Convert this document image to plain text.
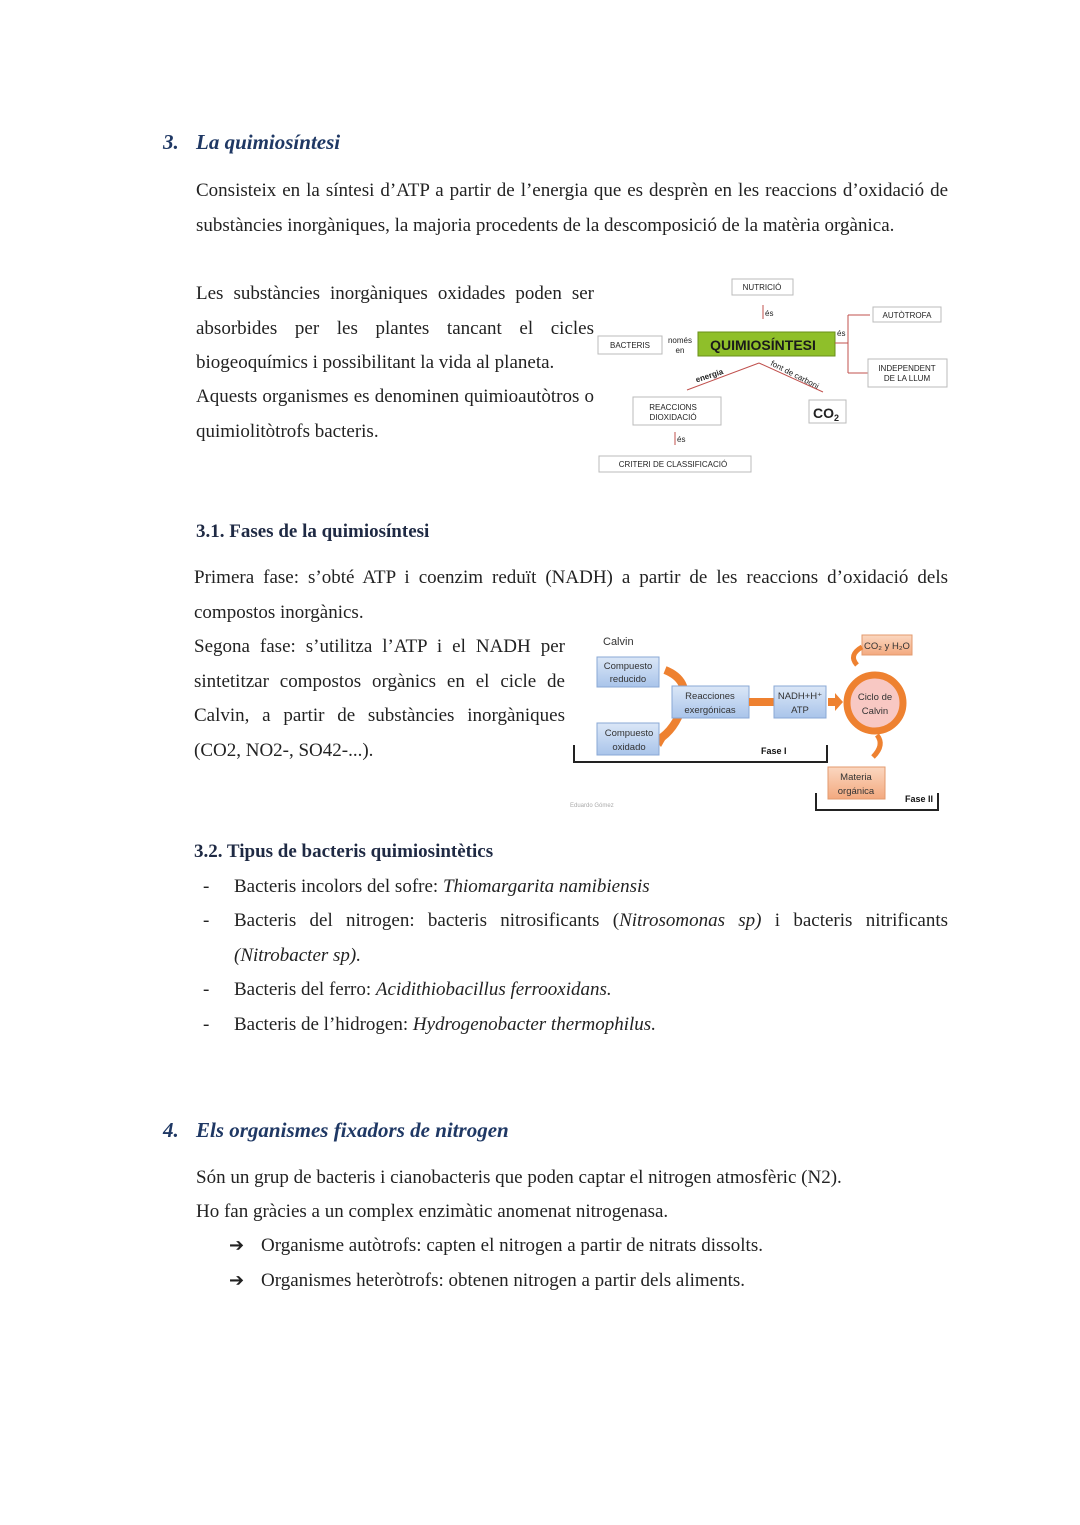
3. La quimiosíntesi
Consisteix en la síntesi d’ATP a partir de l’energia que es desprèn en les reaccions d’oxidació de substàncies inorgàniques, la majoria procedents de la descomposició de la matèria orgànica.
Les substàncies inorgàniques oxidades poden ser absorbides per les plantes tancant el cicles biogeoquímics i possibilitant la vida al planeta.
Aquests organismes es denominen quimioautòtros o quimiolitòtrofs bacteris.
NUTRICIÓ
és
BACTERIS
només
en QUIMIOSÍNTESI
és
AUTÒTROFA
INDEPENDENT
DE LA LLUM
energia	font de carboni
REACCIONS
DIOXIDACIÓ	$CO_2$
és
CRITERI DE CLASSIFICACIÓ
3.1. Fases de la quimiosíntesi
Primera fase: s’obté ATP i coenzim reduït (NADH) a partir de les reaccions d’oxidació dels compostos inorgànics.
Segona fase: s’utilitza l’ATP i el NADH per sintetitzar compostos orgànics en el cicle de Calvin, a partir de substàncies inorgàniques (CO2, NO2-, SO42-...).
Calvin
Compuesto
reducido
Compuesto
oxidado
Reacciones
exergónicas
NADH+H⁺
ATP
Ciclo de
Calvin
CO₂ y H₂O
Materia
orgánica
Fase I
Fase II
Eduardo Gómez
3.2. Tipus de bacteris quimiosintètics
- Bacteris incolors del sofre: Thiomargarita namibiensis
- Bacteris del nitrogen: bacteris nitrosificants (Nitrosomonas sp) i bacteris nitrificants (Nitrobacter sp).
- Bacteris del ferro: Acidithiobacillus ferrooxidans.
- Bacteris de l’hidrogen: Hydrogenobacter thermophilus.
4. Els organismes fixadors de nitrogen
Són un grup de bacteris i cianobacteris que poden captar el nitrogen atmosfèric (N2).
Ho fan gràcies a un complex enzimàtic anomenat nitrogenasa.
➔ Organisme autòtrofs: capten el nitrogen a partir de nitrats dissolts.
➔ Organismes heteròtrofs: obtenen nitrogen a partir dels aliments.
